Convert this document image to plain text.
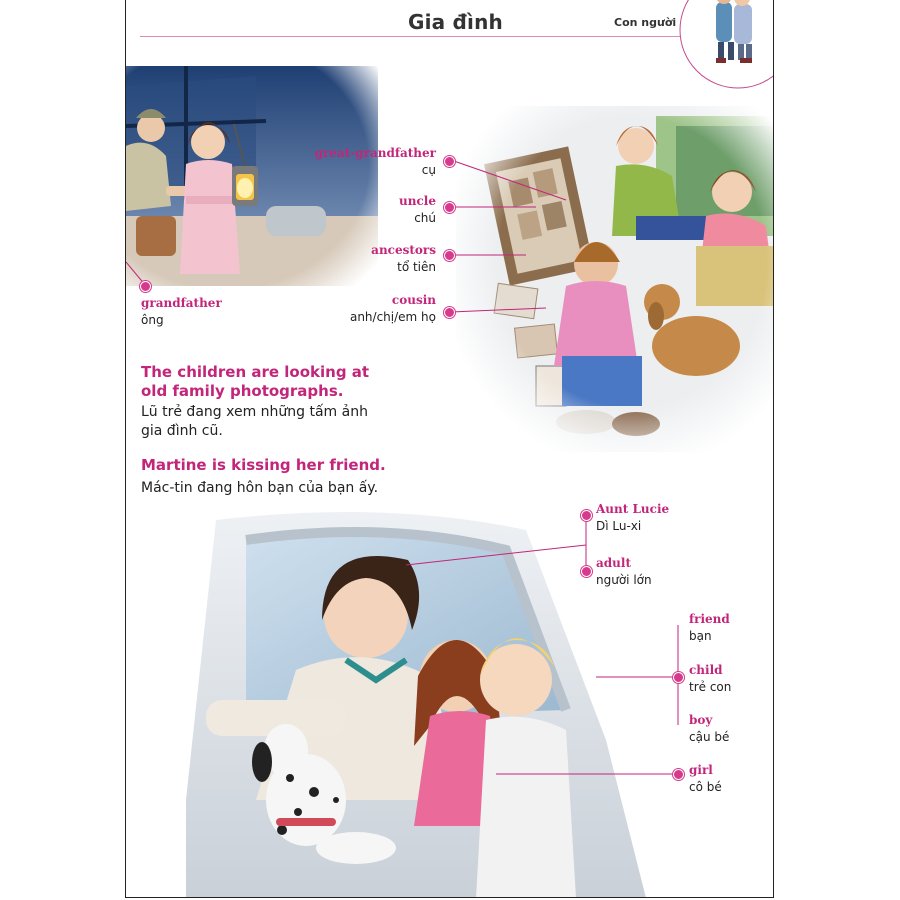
Gia đình	Con người
grandfather
ông
great-grandfather
cụ
uncle
chú
ancestors
tổ tiên
cousin
anh/chị/em họ
The children are looking at
old family photographs.
Lũ trẻ đang xem những tấm ảnh
gia đình cũ.
Martine is kissing her friend.
Mác-tin đang hôn bạn của bạn ấy.
Aunt Lucie
Dì Lu-xi
adult
người lớn
friend
bạn
child
trẻ con
boy
cậu bé
girl
cô bé
